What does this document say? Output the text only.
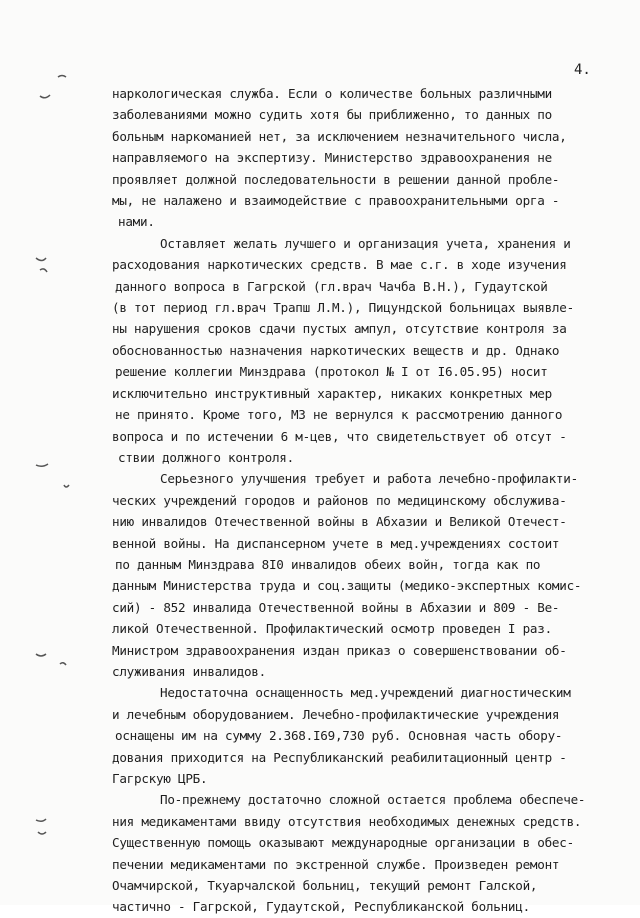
4.
наркологическая служба. Если о количестве больных различными
заболеваниями можно судить хотя бы приближенно, то данных по
больным наркоманией нет, за исключением незначительного числа,
направляемого на экспертизу. Министерство здравоохранения не
проявляет должной последовательности в решении данной пробле-
мы, не налажено и взаимодействие с правоохранительными орга -
нами.
Оставляет желать лучшего и организация учета, хранения и
расходования наркотических средств. В мае с.г. в ходе изучения
данного вопроса в Гагрской (гл.врач Чачба В.Н.), Гудаутской
(в тот период гл.врач Трапш Л.М.), Пицундской больницах выявле-
ны нарушения сроков сдачи пустых ампул, отсутствие контроля за
обоснованностью назначения наркотических веществ и др. Однако
решение коллегии Минздрава (протокол № I от I6.05.95) носит
исключительно инструктивный характер, никаких конкретных мер
не принято. Кроме того, МЗ не вернулся к рассмотрению данного
вопроса и по истечении 6 м-цев, что свидетельствует об отсут -
ствии должного контроля.
Серьезного улучшения требует и работа лечебно-профилакти-
ческих учреждений городов и районов по медицинскому обслужива-
нию инвалидов Отечественной войны в Абхазии и Великой Отечест-
венной войны. На диспансерном учете в мед.учреждениях состоит
по данным Минздрава 8I0 инвалидов обеих войн, тогда как по
данным Министерства труда и соц.защиты (медико-экспертных комис-
сий) - 852 инвалида Отечественной войны в Абхазии и 809 - Ве-
ликой Отечественной. Профилактический осмотр проведен I раз.
Министром здравоохранения издан приказ о совершенствовании об-
служивания инвалидов.
Недостаточна оснащенность мед.учреждений диагностическим
и лечебным оборудованием. Лечебно-профилактические учреждения
оснащены им на сумму 2.368.I69,730 руб. Основная часть обору-
дования приходится на Республиканский реабилитационный центр -
Гагрскую ЦРБ.
По-прежнему достаточно сложной остается проблема обеспече-
ния медикаментами ввиду отсутствия необходимых денежных средств.
Существенную помощь оказывают международные организации в обес-
печении медикаментами по экстренной службе. Произведен ремонт
Очамчирской, Ткуарчалской больниц, текущий ремонт Галской,
частично - Гагрской, Гудаутской, Республиканской больниц.
